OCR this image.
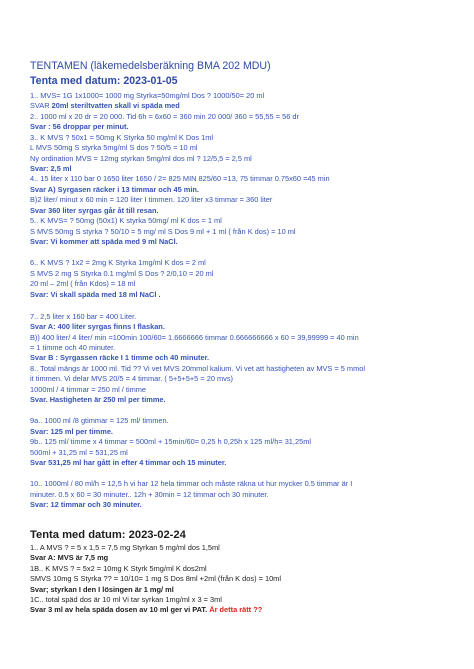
TENTAMEN (läkemedelsberäkning BMA 202 MDU)
Tenta med datum: 2023-01-05
1.. MVS= 1G 1x1000= 1000 mg Styrka=50mg/ml Dos ? 1000/50= 20 ml
SVAR 20ml steriltvatten skall vi späda med
2.. 1000 ml x 20 dr = 20 000. Tid 6h = 6x60 = 360 min 20 000/ 360 = 55,55 = 56 dr
Svar : 56 droppar per minut.
3.. K MVS ? 50x1 = 50mg K Styrka 50 mg/ml K Dos 1ml
L MVS 50mg S styrka 5mg/ml S dos ? 50/5 = 10 ml
Ny ordination MVS = 12mg styrkan 5mg/ml dos ml ? 12/5,5 = 2,5 ml
Svar: 2,5 ml
4.. 15 liter x 110 bar 0 1650 liter 1650 / 2= 825 MIN 825/60 =13, 75 timmar 0.75x60 =45 min
Svar A) Syrgasen räcker i 13 timmar och 45 min.
B)2 liter/ minut x 60 min = 120 liter I timmen. 120 liter x3 timmar = 360 liter
Svar 360 liter syrgas går åt till resan.
5.. K MVS= ? 50mg (50x1) K styrka 50mg/ ml K dos = 1 ml
S MVS 50mg S styrka ? 50/10 = 5 mg/ ml S Dos 9 ml + 1 ml ( från K dos) = 10 ml
Svar: Vi kommer att späda med 9 ml NaCl.
6.. K MVS ? 1x2 = 2mg K Styrka 1mg/ml K dos = 2 ml
S MVS 2 mg S Styrka 0.1 mg/ml S Dos ? 2/0,10 = 20 ml
20 ml – 2ml ( från Kdos) = 18 ml
Svar: Vi skall späda med 18 ml NaCl .
7.. 2,5 liter x 160 bar = 400 Liter.
Svar A: 400 liter syrgas finns I flaskan.
B)) 400 liter/ 4 liter/ min =100min 100/60= 1.6666666 timmar 0.666666666 x 60 = 39,99999 = 40 min
= 1 timme och 40 minuter.
Svar B : Syrgassen räcke I 1 timme och 40 minuter.
8.. Total mängs är 1000 ml. Tid ?? Vi vet MVS 20mmol kalium. Vi vet att hastigheten av MVS = 5 mmol
it timmen. Vi delar MVS 20/5 = 4 timmar. ( 5+5+5+5 = 20 mvs)
1000ml / 4 timmar = 250 ml / timme
Svar. Hastigheten är 250 ml per timme.
9a.. 1000 ml /8 gtimmar = 125 ml/ timmen.
Svar: 125 ml per timme.
9b.. 125 ml/ timme x 4 timmar = 500ml + 15min/60= 0,25 h 0,25h x 125 ml/h= 31,25ml
500ml + 31,25 ml = 531,25 ml
Svar 531,25 ml har gått in efter 4 timmar och 15 minuter.
10.. 1000ml / 80 ml/h = 12,5 h vi har 12 hela timmar och måste räkna ut hur mycker 0.5 timmar är I
minuter. 0.5 x 60 = 30 minuter.. 12h + 30min = 12 timmar och 30 minuter.
Svar: 12 timmar och 30 minuter.
Tenta med datum: 2023-02-24
1.. A MVS ? = 5 x 1,5 = 7,5 mg Styrkan 5 mg/ml dos 1,5ml
Svar A: MVS är 7,5 mg
1B.. K MVS ? = 5x2 = 10mg K Styrk 5mg/ml K dos2ml
SMVS 10mg S Styrka ?? = 10/10= 1 mg S Dos 8ml +2ml (från K dos) = 10ml
Svar; styrkan I den I lösingen är 1 mg/ ml
1C.. total späd dos är 10 ml Vi tar syrkan 1mg/ml x 3 = 3ml
Svar 3 ml av hela späda dosen av 10 ml ger vi PAT. Är detta rätt ??
